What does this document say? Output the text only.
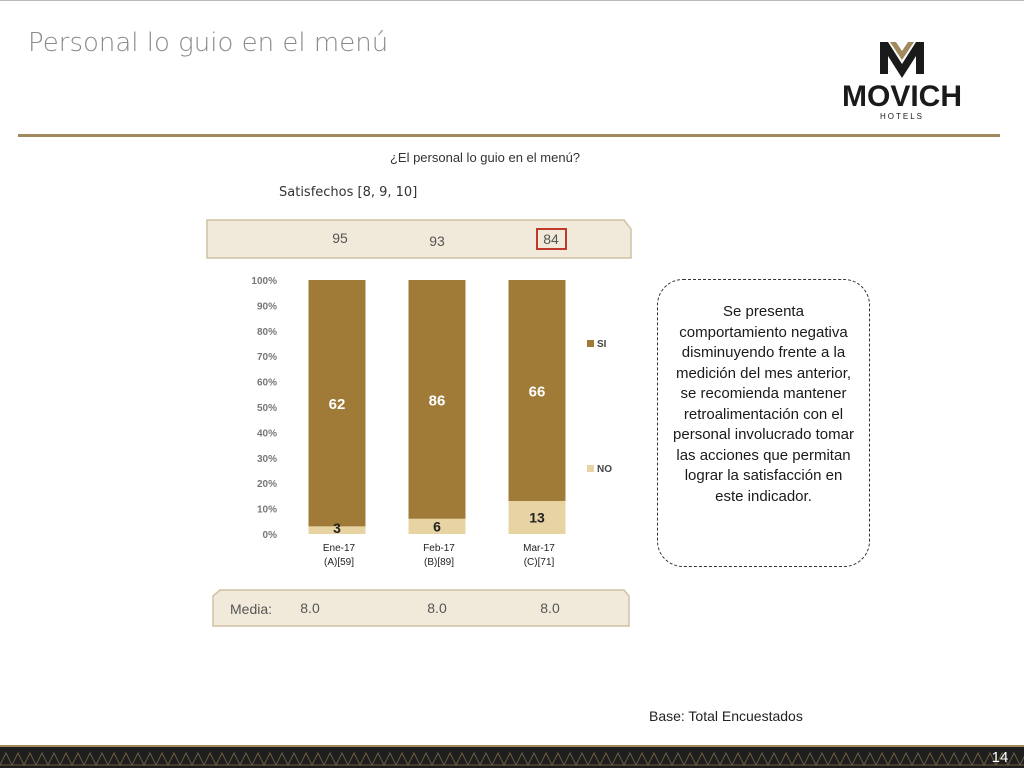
Personal lo guio en el menú
MOVICH
HOTELS
¿El personal lo guio en el menú?
Satisfechos [8, 9, 10]
95	93	84
0%
10%
20%
30%
40%
50%
60%
70%
80%
90%
100%
62
3
86
6
66
13
Ene-17
(A)[59]
Feb-17
(B)[89]
Mar-17
(C)[71]
SI
NO
Media: 8.0	8.0	8.0
Se presenta comportamiento negativa disminuyendo frente a la medición del mes anterior, se recomienda mantener retroalimentación con el personal involucrado tomar las acciones que permitan lograr la satisfacción en este indicador.
Base: Total Encuestados
14
